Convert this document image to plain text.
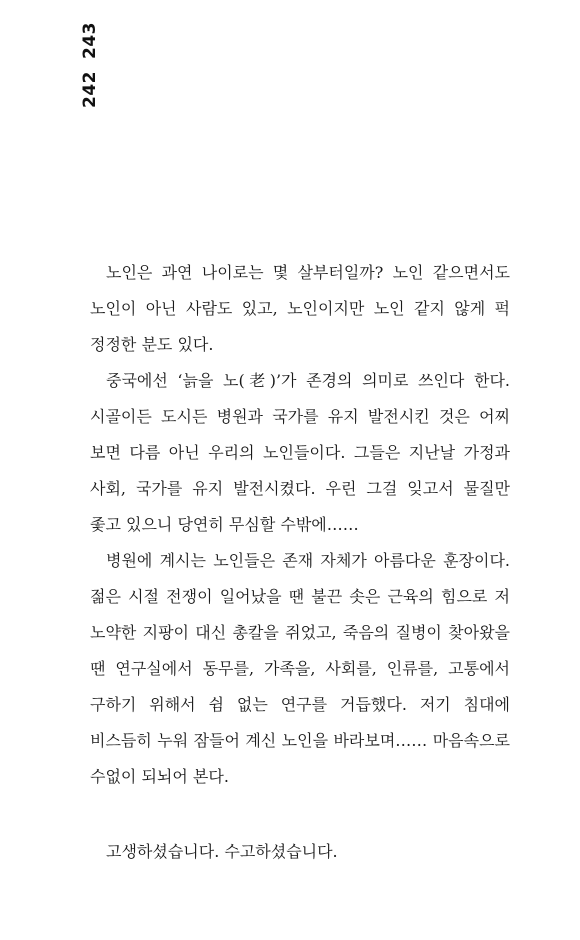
242243

노인은 과연 나이로는 몇 살부터일까? 노인 같으면서도 노인이 아닌 사람도 있고, 노인이지만 노인 같지 않게 퍽 정정한 분도 있다.

중국에선 ‘늙을 노(老)’가 존경의 의미로 쓰인다 한다. 시골이든 도시든 병원과 국가를 유지 발전시킨 것은 어찌 보면 다름 아닌 우리의 노인들이다. 그들은 지난날 가정과 사회, 국가를 유지 발전시켰다. 우린 그걸 잊고서 물질만 좇고 있으니 당연히 무심할 수밖에……

병원에 계시는 노인들은 존재 자체가 아름다운 훈장이다. 젊은 시절 전쟁이 일어났을 땐 불끈 솟은 근육의 힘으로 저 노약한 지팡이 대신 총칼을 쥐었고, 죽음의 질병이 찾아왔을 땐 연구실에서 동무를, 가족을, 사회를, 인류를, 고통에서 구하기 위해서 쉼 없는 연구를 거듭했다. 저기 침대에 비스듬히 누워 잠들어 계신 노인을 바라보며…… 마음속으로 수없이 되뇌어 본다.

고생하셨습니다. 수고하셨습니다.
